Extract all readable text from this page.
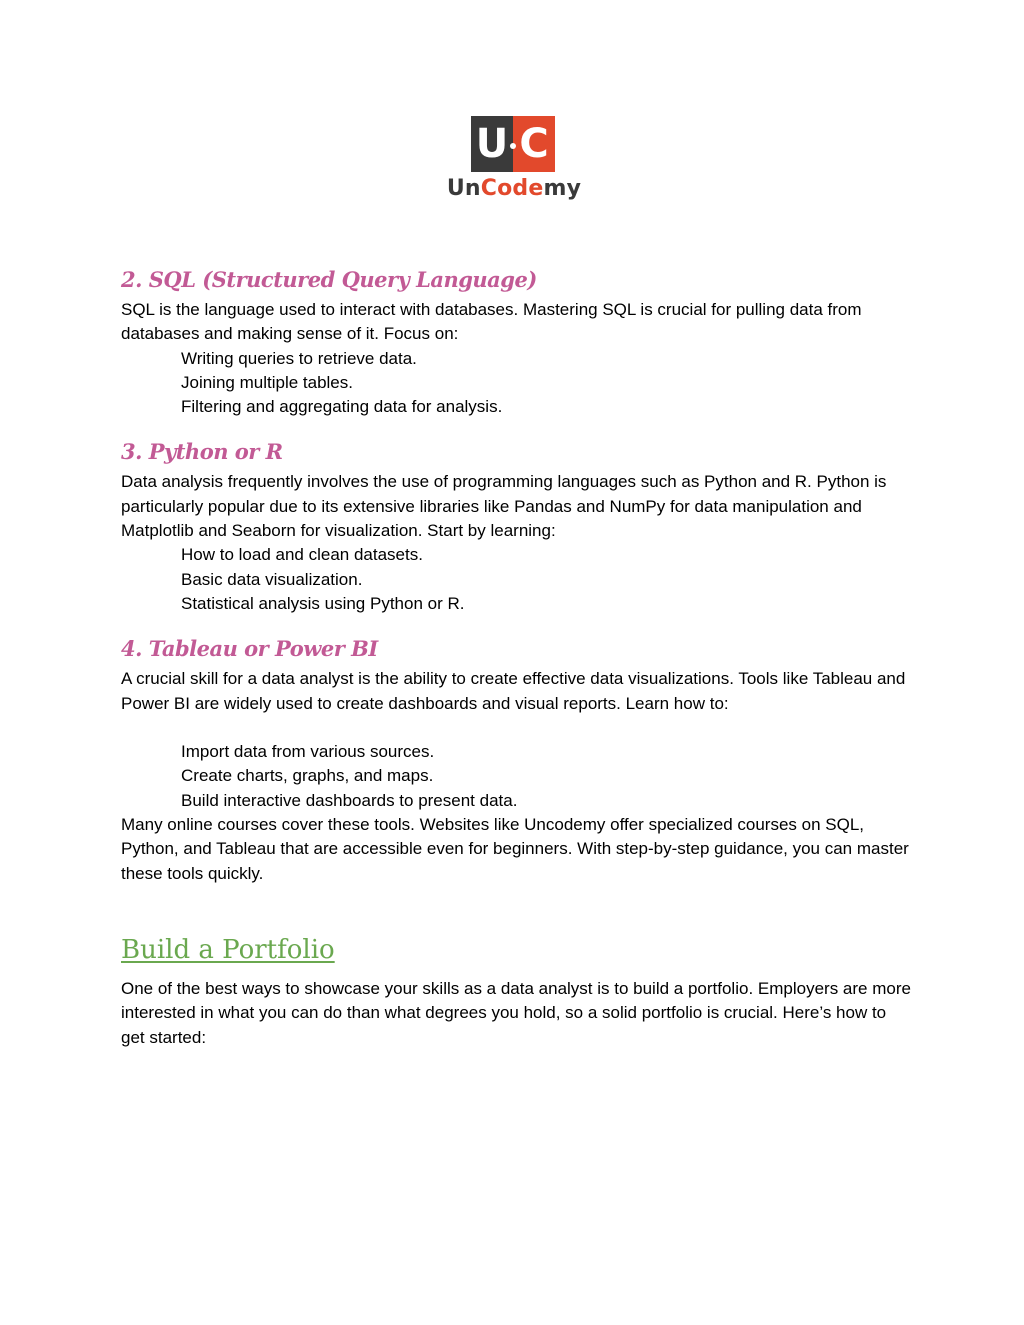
U C
UnCodemy
2. SQL (Structured Query Language)

SQL is the language used to interact with databases. Mastering SQL is crucial for pulling data from databases and making sense of it. Focus on:

Writing queries to retrieve data.
Joining multiple tables.
Filtering and aggregating data for analysis.
3. Python or R

Data analysis frequently involves the use of programming languages such as Python and R. Python is particularly popular due to its extensive libraries like Pandas and NumPy for data manipulation and Matplotlib and Seaborn for visualization. Start by learning:

How to load and clean datasets.
Basic data visualization.
Statistical analysis using Python or R.
4. Tableau or Power BI

A crucial skill for a data analyst is the ability to create effective data visualizations. Tools like Tableau and Power BI are widely used to create dashboards and visual reports. Learn how to:

Import data from various sources.
Create charts, graphs, and maps.
Build interactive dashboards to present data.

Many online courses cover these tools. Websites like Uncodemy offer specialized courses on SQL, Python, and Tableau that are accessible even for beginners. With step-by-step guidance, you can master these tools quickly.

Build a Portfolio

One of the best ways to showcase your skills as a data analyst is to build a portfolio. Employers are more interested in what you can do than what degrees you hold, so a solid portfolio is crucial. Here’s how to get started:
